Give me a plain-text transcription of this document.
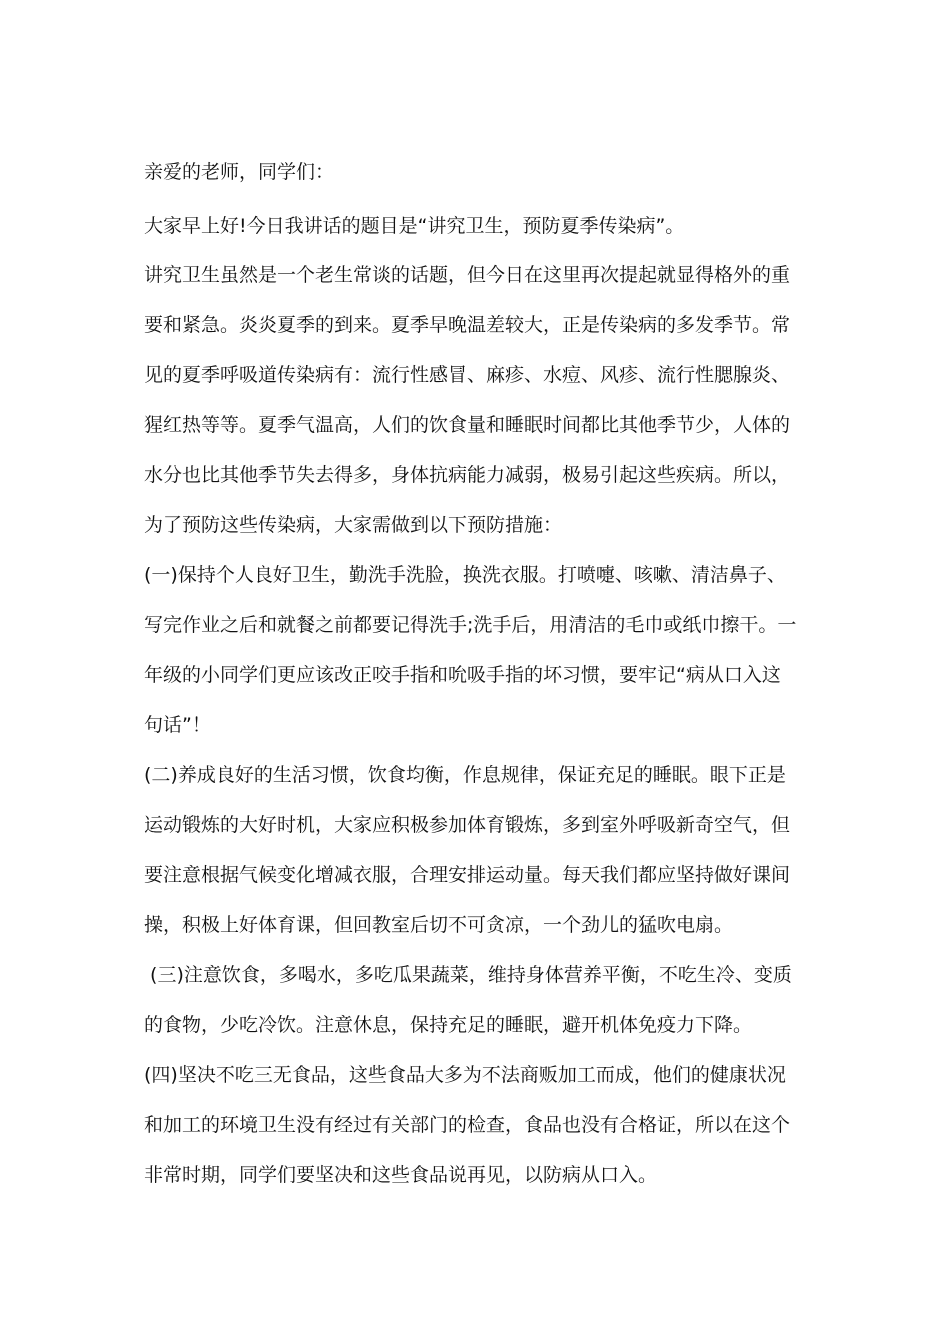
亲爱的老师，同学们：
大家早上好!今日我讲话的题目是“讲究卫生，预防夏季传染病”。
讲究卫生虽然是一个老生常谈的话题，但今日在这里再次提起就显得格外的重
要和紧急。炎炎夏季的到来。夏季早晚温差较大，正是传染病的多发季节。常
见的夏季呼吸道传染病有：流行性感冒、麻疹、水痘、风疹、流行性腮腺炎、
猩红热等等。夏季气温高，人们的饮食量和睡眠时间都比其他季节少，人体的
水分也比其他季节失去得多，身体抗病能力减弱，极易引起这些疾病。所以，
为了预防这些传染病，大家需做到以下预防措施：
(一)保持个人良好卫生，勤洗手洗脸，换洗衣服。打喷嚏、咳嗽、清洁鼻子、
写完作业之后和就餐之前都要记得洗手;洗手后，用清洁的毛巾或纸巾擦干。一
年级的小同学们更应该改正咬手指和吮吸手指的坏习惯，要牢记“病从口入这
句话”！
(二)养成良好的生活习惯，饮食均衡，作息规律，保证充足的睡眠。眼下正是
运动锻炼的大好时机，大家应积极参加体育锻炼，多到室外呼吸新奇空气，但
要注意根据气候变化增减衣服，合理安排运动量。每天我们都应坚持做好课间
操，积极上好体育课，但回教室后切不可贪凉，一个劲儿的猛吹电扇。
(三)注意饮食，多喝水，多吃瓜果蔬菜，维持身体营养平衡，不吃生冷、变质
的食物，少吃冷饮。注意休息，保持充足的睡眠，避开机体免疫力下降。
(四)坚决不吃三无食品，这些食品大多为不法商贩加工而成，他们的健康状况
和加工的环境卫生没有经过有关部门的检查，食品也没有合格证，所以在这个
非常时期，同学们要坚决和这些食品说再见，以防病从口入。
